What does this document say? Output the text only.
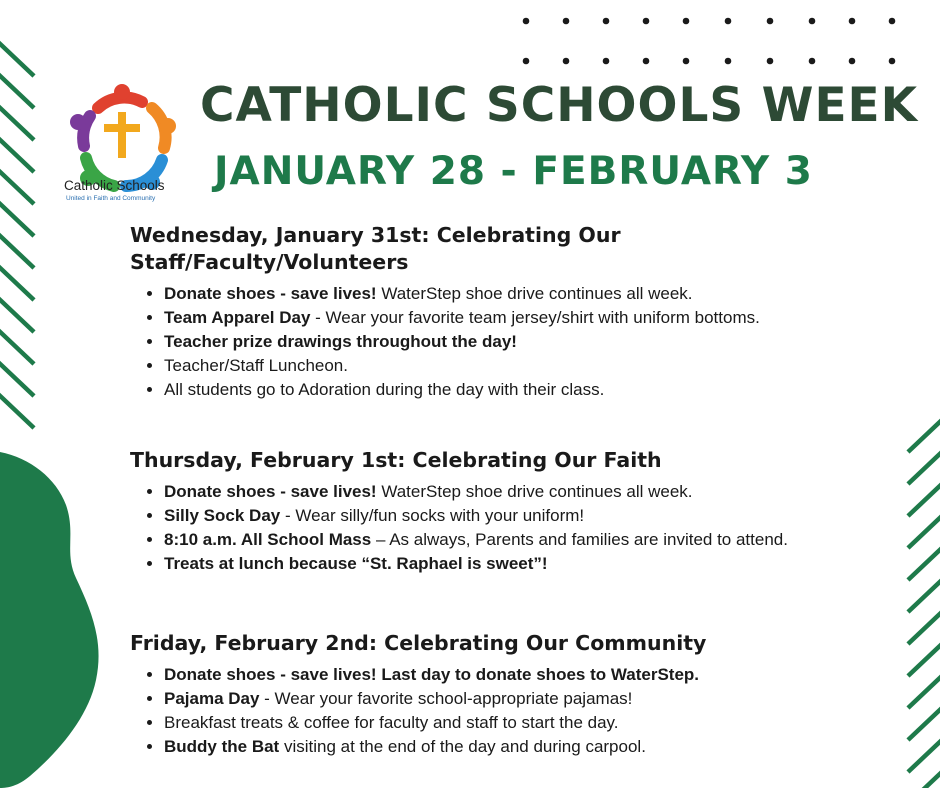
Catholic Schools
United in Faith and Community
CATHOLIC SCHOOLS WEEK
JANUARY 28 - FEBRUARY 3
Wednesday, January 31st: Celebrating Our Staff/Faculty/Volunteers
• Donate shoes - save lives! WaterStep shoe drive continues all week.
• Team Apparel Day - Wear your favorite team jersey/shirt with uniform bottoms.
• Teacher prize drawings throughout the day!
• Teacher/Staff Luncheon.
• All students go to Adoration during the day with their class.
Thursday, February 1st: Celebrating Our Faith
• Donate shoes - save lives! WaterStep shoe drive continues all week.
• Silly Sock Day - Wear silly/fun socks with your uniform!
• 8:10 a.m. All School Mass – As always, Parents and families are invited to attend.
• Treats at lunch because “St. Raphael is sweet”!
Friday, February 2nd: Celebrating Our Community
• Donate shoes - save lives! Last day to donate shoes to WaterStep.
• Pajama Day - Wear your favorite school-appropriate pajamas!
• Breakfast treats & coffee for faculty and staff to start the day.
• Buddy the Bat visiting at the end of the day and during carpool.
